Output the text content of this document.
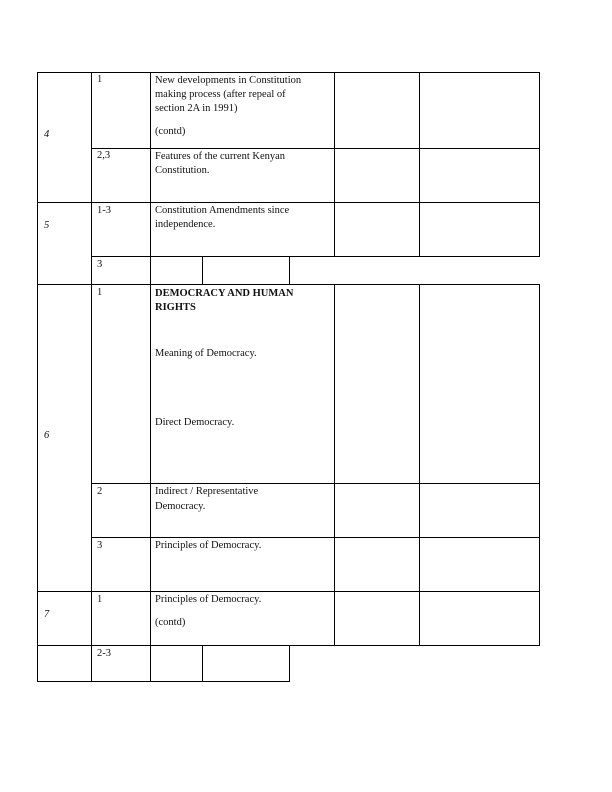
4
1	New developments in Constitution
making process (after repeal of
section 2A in 1991)
(contd)
2,3	Features of the current Kenyan
Constitution.
5
1-3	Constitution Amendments since
independence.
3
6
1	DEMOCRACY AND HUMAN
RIGHTS
Meaning of Democracy.
Direct Democracy.
2	Indirect / Representative
Democracy.
3	Principles of Democracy.
7
1	Principles of Democracy.
(contd)
2-3
